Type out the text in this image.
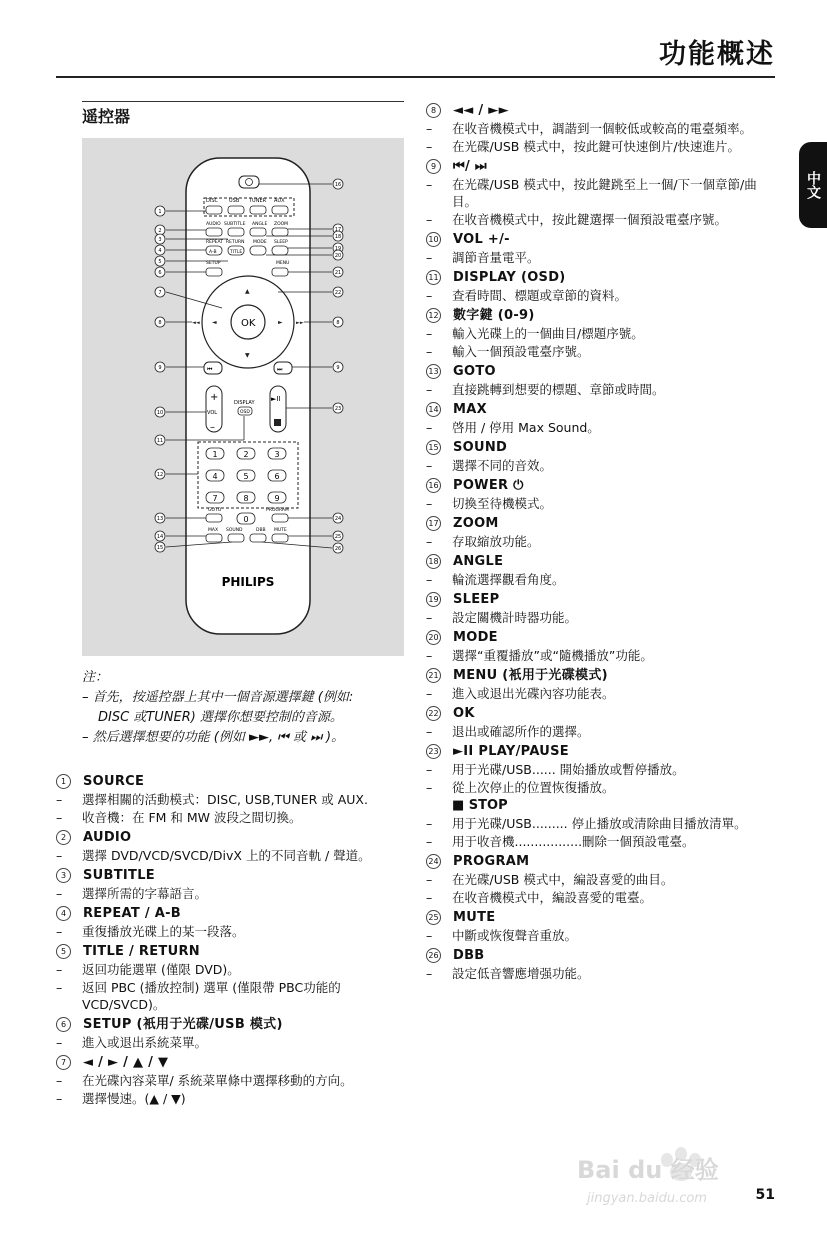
功能概述
中文
遥控器
DISC USB TUNER AUX
AUDIO SUBTITLE ANGLE ZOOM
REPEAT RETURN MODE SLEEP
A-B	TITLE
SETUP	MENU
OK
▲
▼
◄	►
◄◄	►►
⏮	⏭
+
VOL
–
DISPLAY
OSD
►II
1	2	3
4	5	6
7	8	9
0
GOTO	PROGRAM
MAX SOUND	DBB MUTE
PHILIPS
1
2
3
4
5
6
7
8
9
10
11
12
13
14
15
16
17
18
19
20
21
22
8
9
23
24
25
26
注：
– 首先，按遥控器上其中一個音源選擇鍵 (例如:
DISC 或TUNER) 選擇你想要控制的音源。
– 然后選擇想要的功能 (例如 ►►, ⏮ 或 ⏭ )。
1	SOURCE
–	選擇相關的活動模式：DISC, USB,TUNER 或 AUX.
–	收音機：在 FM 和 MW 波段之間切換。
2	AUDIO
–	選擇 DVD/VCD/SVCD/DivX 上的不同音軌 / 聲道。
3	SUBTITLE
–	選擇所需的字幕語言。
4	REPEAT / A-B
–	重復播放光碟上的某一段落。
5	TITLE / RETURN
–	返回功能選單 (僅限 DVD)。
–	返回 PBC (播放控制) 選單 (僅限帶 PBC功能的 VCD/SVCD)。
6	SETUP (衹用于光碟/USB 模式)
–	進入或退出系統菜單。
7	◄ / ► / ▲ / ▼
–	在光碟內容菜單/ 系統菜單條中選擇移動的方向。
–	選擇慢速。(▲ / ▼)
8	◄◄ / ►►
–	在收音機模式中，調諧到一個較低或較高的電臺頻率。
–	在光碟/USB 模式中，按此鍵可快速倒片/快速進片。
9	⏮/ ⏭
–	在光碟/USB 模式中，按此鍵跳至上一個/下一個章節/曲目。
–	在收音機模式中，按此鍵選擇一個預設電臺序號。
10 VOL +/-
–	調節音量電平。
11 DISPLAY (OSD)
–	查看時間、標題或章節的資料。
12 數字鍵 (0-9)
–	輸入光碟上的一個曲目/標題序號。
–	輸入一個預設電臺序號。
13 GOTO
–	直接跳轉到想要的標題、章節或時間。
14 MAX
–	啓用 / 停用 Max Sound。
15 SOUND
–	選擇不同的音效。
16 POWER ⏻
–	切換至待機模式。
17 ZOOM
–	存取縮放功能。
18 ANGLE
–	輪流選擇觀看角度。
19 SLEEP
–	設定關機計時器功能。
20 MODE
–	選擇“重覆播放”或“隨機播放”功能。
21 MENU (衹用于光碟模式)
–	進入或退出光碟內容功能表。
22 OK
–	退出或確認所作的選擇。
23 ►II PLAY/PAUSE
–	用于光碟/USB...... 開始播放或暫停播放。
–	從上次停止的位置恢復播放。
■ STOP
–	用于光碟/USB......... 停止播放或清除曲目播放清單。
–	用于收音機.................刪除一個預設電臺。
24 PROGRAM
–	在光碟/USB 模式中，編設喜愛的曲目。
–	在收音機模式中，編設喜愛的電臺。
25 MUTE
–	中斷或恢復聲音重放。
26 DBB
–	設定低音響應增强功能。
Bai du 经验
jingyan.baidu.com	51
